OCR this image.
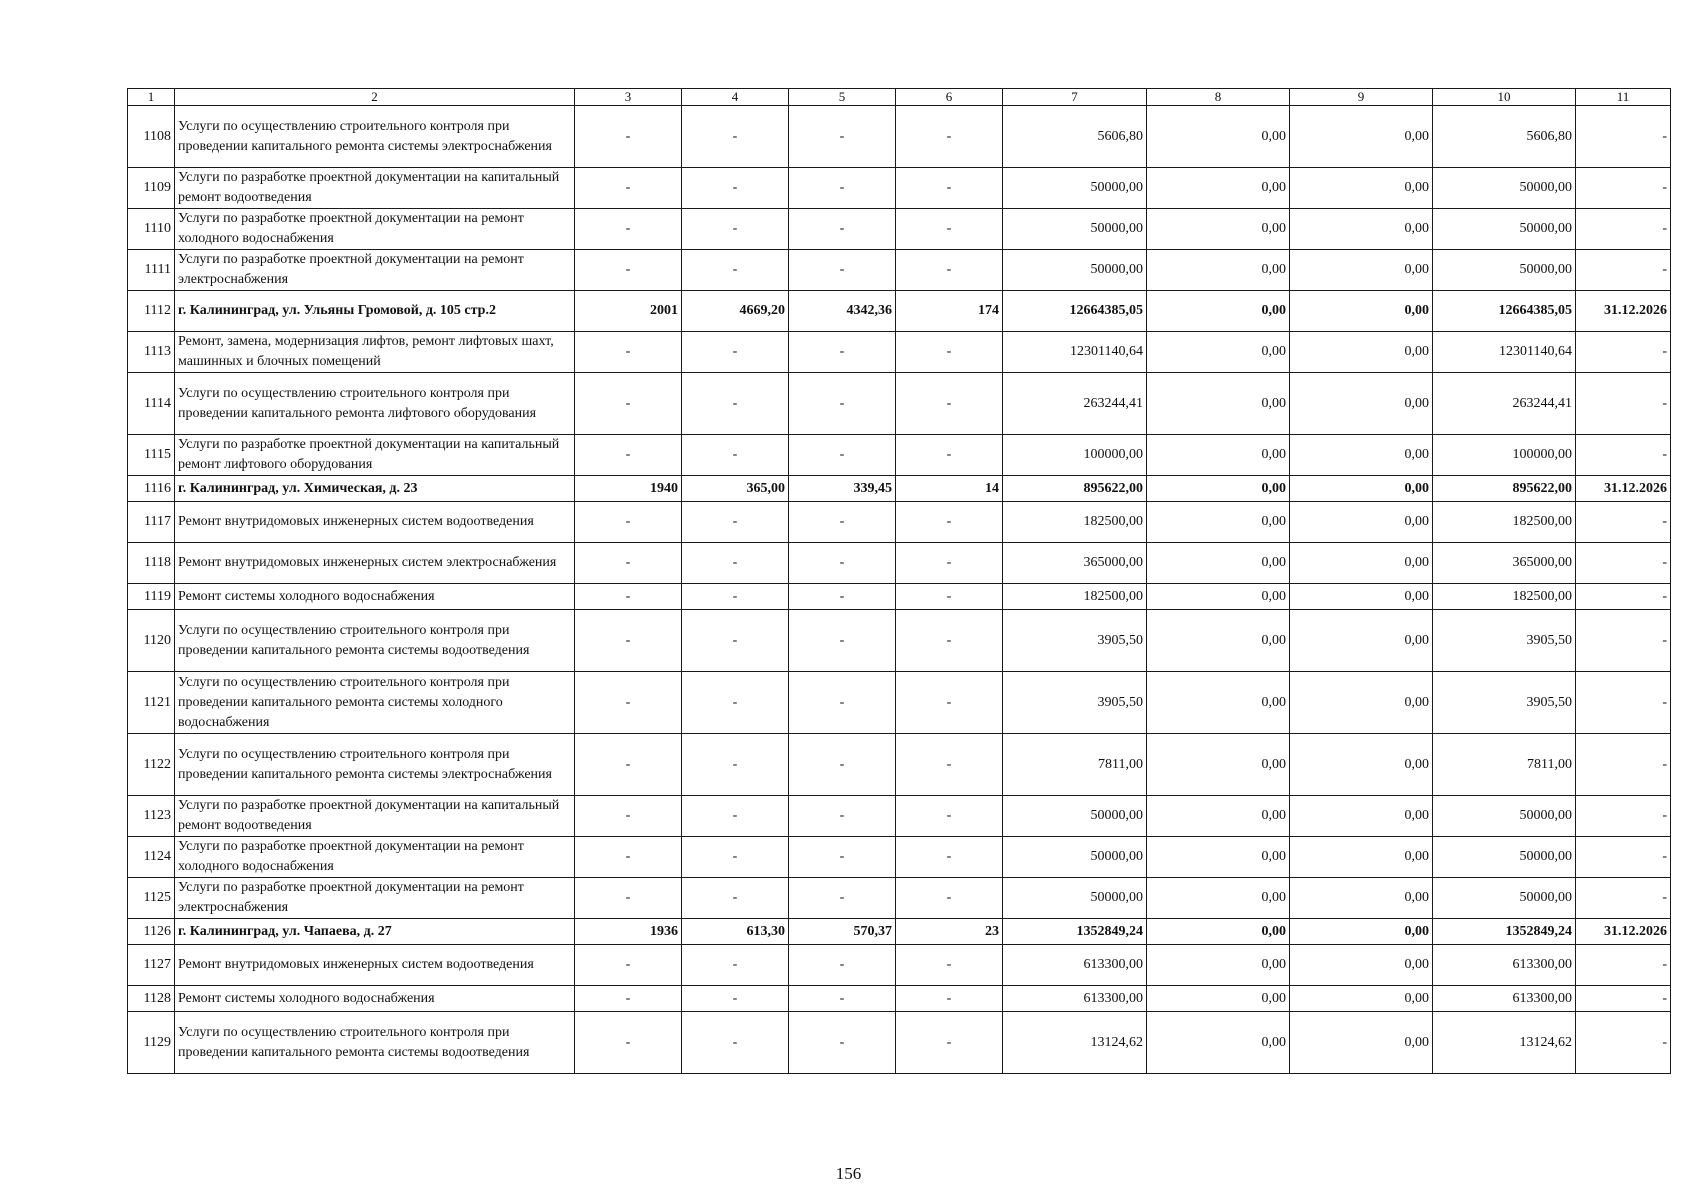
1	2	3	4	5	6	7	8	9	10	11
1108	Услуги по осуществлению строительного контроля при проведении капитального ремонта системы электроснабжения	-	-	-	-	5606,80	0,00	0,00	5606,80	-
1109	Услуги по разработке проектной документации на капитальный ремонт водоотведения	-	-	-	-	50000,00	0,00	0,00	50000,00	-
1110	Услуги по разработке проектной документации на ремонт холодного водоснабжения	-	-	-	-	50000,00	0,00	0,00	50000,00	-
1111	Услуги по разработке проектной документации на ремонт электроснабжения	-	-	-	-	50000,00	0,00	0,00	50000,00	-
1112	г. Калининград, ул. Ульяны Громовой, д. 105 стр.2	2001	4669,20	4342,36	174	12664385,05	0,00	0,00	12664385,05	31.12.2026
1113	Ремонт, замена, модернизация лифтов, ремонт лифтовых шахт, машинных и блочных помещений	-	-	-	-	12301140,64	0,00	0,00	12301140,64	-
1114	Услуги по осуществлению строительного контроля при проведении капитального ремонта лифтового оборудования	-	-	-	-	263244,41	0,00	0,00	263244,41	-
1115	Услуги по разработке проектной документации на капитальный ремонт лифтового оборудования	-	-	-	-	100000,00	0,00	0,00	100000,00	-
1116	г. Калининград, ул. Химическая, д. 23	1940	365,00	339,45	14	895622,00	0,00	0,00	895622,00	31.12.2026
1117	Ремонт внутридомовых инженерных систем водоотведения	-	-	-	-	182500,00	0,00	0,00	182500,00	-
1118	Ремонт внутридомовых инженерных систем электроснабжения	-	-	-	-	365000,00	0,00	0,00	365000,00	-
1119	Ремонт системы холодного водоснабжения	-	-	-	-	182500,00	0,00	0,00	182500,00	-
1120	Услуги по осуществлению строительного контроля при проведении капитального ремонта системы водоотведения	-	-	-	-	3905,50	0,00	0,00	3905,50	-
1121	Услуги по осуществлению строительного контроля при проведении капитального ремонта системы холодного водоснабжения	-	-	-	-	3905,50	0,00	0,00	3905,50	-
1122	Услуги по осуществлению строительного контроля при проведении капитального ремонта системы электроснабжения	-	-	-	-	7811,00	0,00	0,00	7811,00	-
1123	Услуги по разработке проектной документации на капитальный ремонт водоотведения	-	-	-	-	50000,00	0,00	0,00	50000,00	-
1124	Услуги по разработке проектной документации на ремонт холодного водоснабжения	-	-	-	-	50000,00	0,00	0,00	50000,00	-
1125	Услуги по разработке проектной документации на ремонт электроснабжения	-	-	-	-	50000,00	0,00	0,00	50000,00	-
1126	г. Калининград, ул. Чапаева, д. 27	1936	613,30	570,37	23	1352849,24	0,00	0,00	1352849,24	31.12.2026
1127	Ремонт внутридомовых инженерных систем водоотведения	-	-	-	-	613300,00	0,00	0,00	613300,00	-
1128	Ремонт системы холодного водоснабжения	-	-	-	-	613300,00	0,00	0,00	613300,00	-
1129	Услуги по осуществлению строительного контроля при проведении капитального ремонта системы водоотведения	-	-	-	-	13124,62	0,00	0,00	13124,62	-
156
